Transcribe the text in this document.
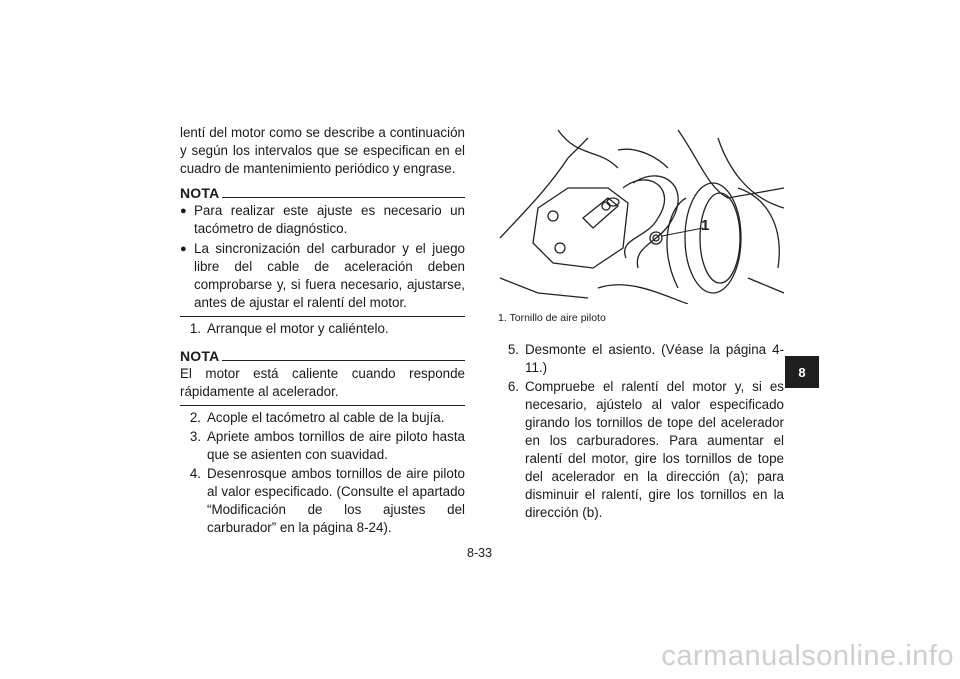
lentí del motor como se describe a continuación y según los intervalos que se especifican en el cuadro de mantenimiento periódico y engrase.

NOTA
● Para realizar este ajuste es necesario un tacómetro de diagnóstico.
● La sincronización del carburador y el juego libre del cable de aceleración deben comprobarse y, si fuera necesario, ajustarse, antes de ajustar el ralentí del motor.
1. Arranque el motor y caliéntelo.
NOTA

El motor está caliente cuando responde rápidamente al acelerador.

2. Acople el tacómetro al cable de la bujía.
3. Apriete ambos tornillos de aire piloto hasta que se asienten con suavidad.
4. Desenrosque ambos tornillos de aire piloto al valor especificado. (Consulte el apartado “Modificación de los ajustes del carburador” en la página 8-24).
1
1. Tornillo de aire piloto
5. Desmonte el asiento. (Véase la página 4-11.)
6. Compruebe el ralentí del motor y, si es necesario, ajústelo al valor especificado girando los tornillos de tope del acelerador en los carburadores. Para aumentar el ralentí del motor, gire los tornillos de tope del acelerador en la dirección (a); para disminuir el ralentí, gire los tornillos en la dirección (b).
8
8-33
carmanualsonline.info
